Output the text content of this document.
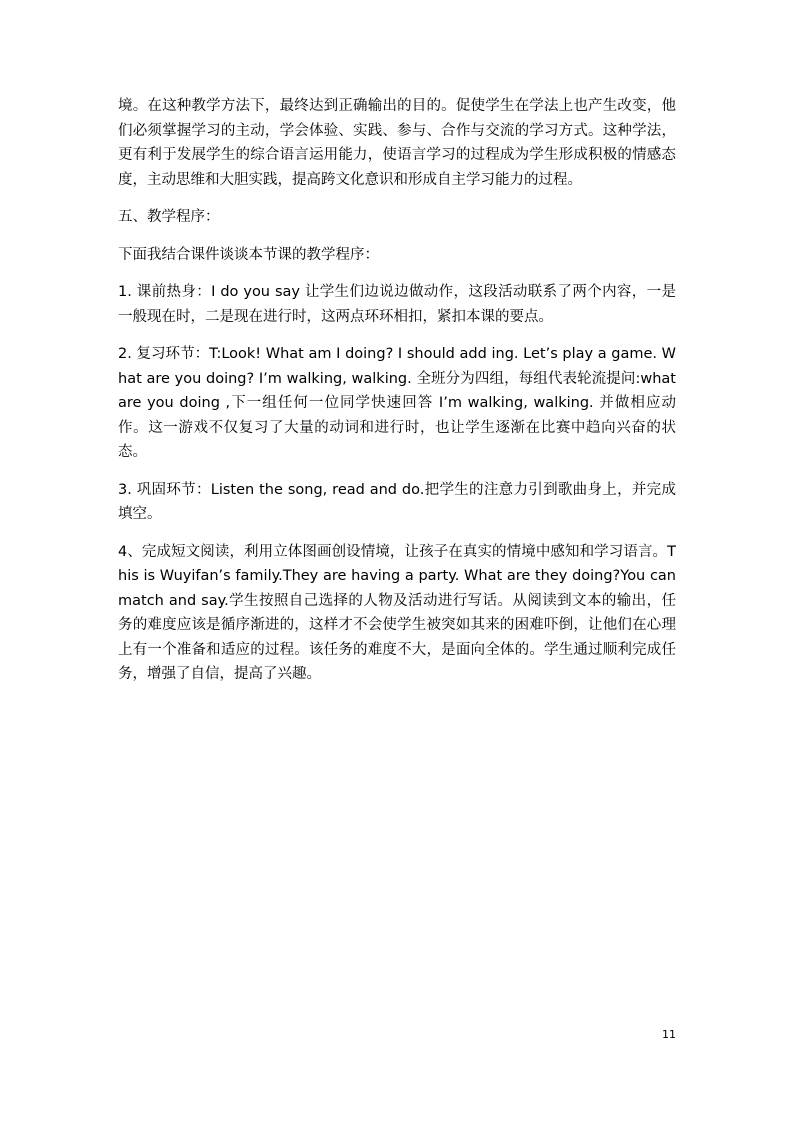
境。在这种教学方法下，最终达到正确输出的目的。促使学生在学法上也产生改变，他们必须掌握学习的主动，学会体验、实践、参与、合作与交流的学习方式。这种学法，更有利于发展学生的综合语言运用能力，使语言学习的过程成为学生形成积极的情感态度，主动思维和大胆实践，提高跨文化意识和形成自主学习能力的过程。

五、教学程序：

下面我结合课件谈谈本节课的教学程序：

1. 课前热身：I do you say 让学生们边说边做动作，这段活动联系了两个内容，一是一般现在时，二是现在进行时，这两点环环相扣，紧扣本课的要点。

2. 复习环节：T:Look! What am I doing? I should add ing. Let’s play a game. What are you doing? I’m walking, walking. 全班分为四组，每组代表轮流提问:what are you doing ,下一组任何一位同学快速回答 I’m walking, walking. 并做相应动作。这一游戏不仅复习了大量的动词和进行时，也让学生逐渐在比赛中趋向兴奋的状态。

3. 巩固环节：Listen the song, read and do.把学生的注意力引到歌曲身上，并完成填空。

4、完成短文阅读，利用立体图画创设情境，让孩子在真实的情境中感知和学习语言。This is Wuyifan’s family.They are having a party. What are they doing?You can match and say.学生按照自己选择的人物及活动进行写话。从阅读到文本的输出，任务的难度应该是循序渐进的，这样才不会使学生被突如其来的困难吓倒，让他们在心理上有一个准备和适应的过程。该任务的难度不大，是面向全体的。学生通过顺利完成任务，增强了自信，提高了兴趣。

11
